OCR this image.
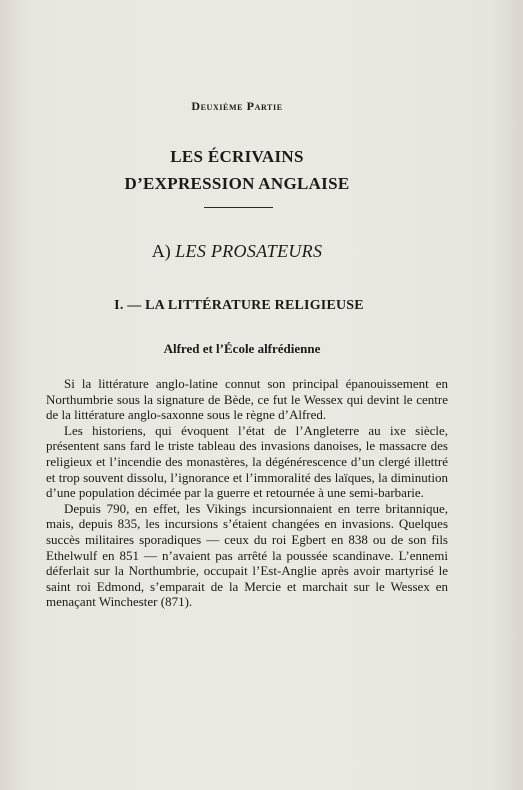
Deuxième Partie
LES ÉCRIVAINS
D’EXPRESSION ANGLAISE
A) LES PROSATEURS
I. — LA LITTÉRATURE RELIGIEUSE
Alfred et l’École alfrédienne

Si la littérature anglo-latine connut son principal épanouissement en Northumbrie sous la signature de Bède, ce fut le Wessex qui devint le centre de la littérature anglo-saxonne sous le règne d’Alfred.

Les historiens, qui évoquent l’état de l’Angleterre au ixe siècle, présentent sans fard le triste tableau des invasions danoises, le massacre des religieux et l’incendie des monastères, la dégénérescence d’un clergé illettré et trop souvent dissolu, l’ignorance et l’immoralité des laïques, la diminution d’une population décimée par la guerre et retournée à une semi-barbarie.

Depuis 790, en effet, les Vikings incursionnaient en terre britannique, mais, depuis 835, les incursions s’étaient changées en invasions. Quelques succès militaires sporadiques — ceux du roi Egbert en 838 ou de son fils Ethelwulf en 851 — n’avaient pas arrêté la poussée scandinave. L’ennemi déferlait sur la Northumbrie, occupait l’Est-Anglie après avoir martyrisé le saint roi Edmond, s’emparait de la Mercie et marchait sur le Wessex en menaçant Winchester (871).
